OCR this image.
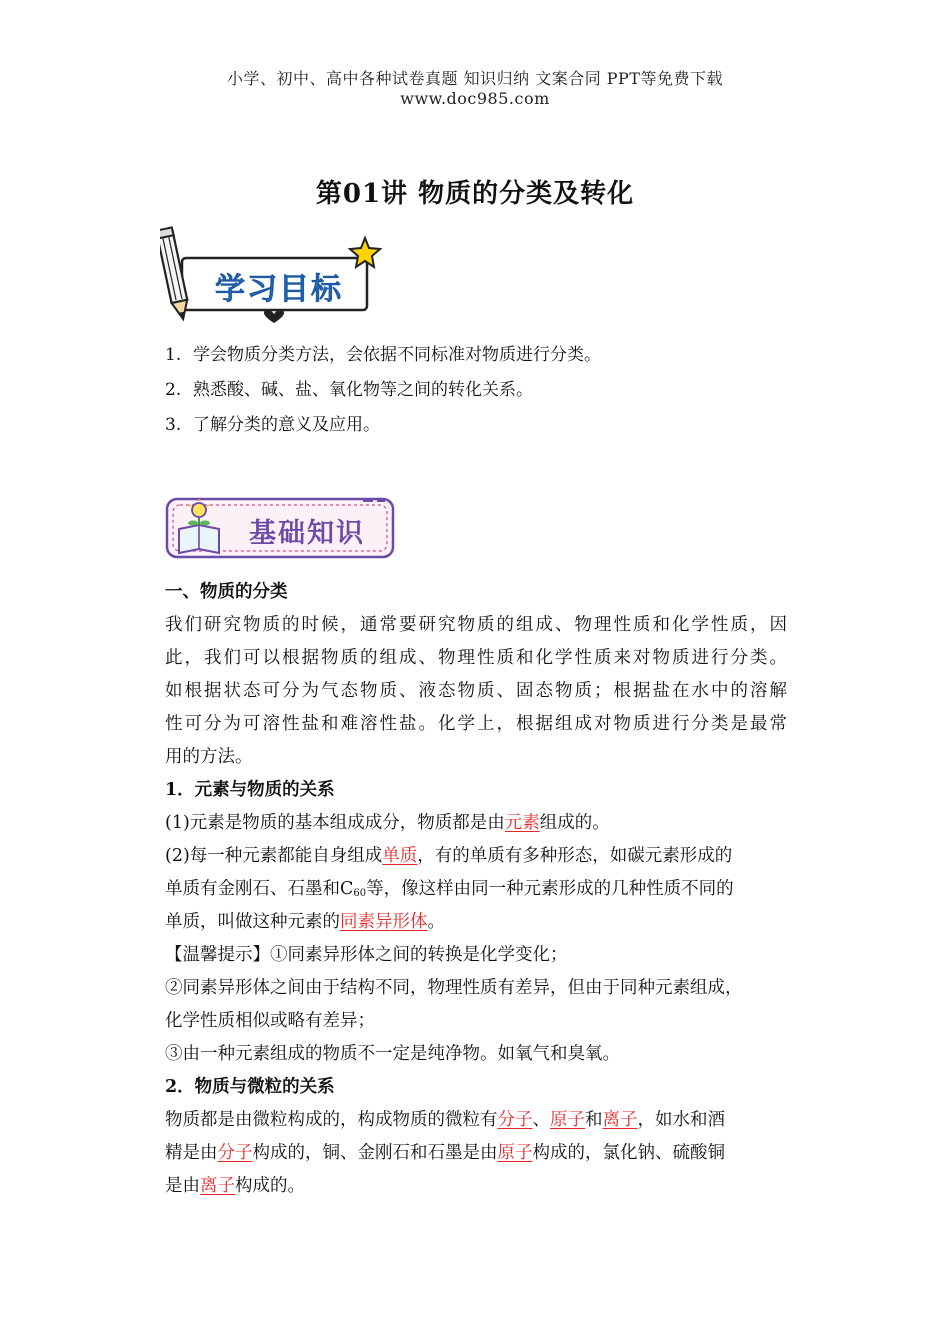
小学、初中、高中各种试卷真题 知识归纳 文案合同 PPT等免费下载
www.doc985.com
第01讲 物质的分类及转化
学习目标
1. 学会物质分类方法，会依据不同标准对物质进行分类。
2. 熟悉酸、碱、盐、氧化物等之间的转化关系。
3. 了解分类的意义及应用。
基础知识
一、物质的分类
我们研究物质的时候，通常要研究物质的组成、物理性质和化学性质，因
此，我们可以根据物质的组成、物理性质和化学性质来对物质进行分类。
如根据状态可分为气态物质、液态物质、固态物质；根据盐在水中的溶解
性可分为可溶性盐和难溶性盐。化学上，根据组成对物质进行分类是最常
用的方法。
1．元素与物质的关系
(1)元素是物质的基本组成成分，物质都是由元素组成的。
(2)每一种元素都能自身组成单质，有的单质有多种形态，如碳元素形成的
单质有金刚石、石墨和$C_{60}$等，像这样由同一种元素形成的几种性质不同的
单质，叫做这种元素的同素异形体。
【温馨提示】①同素异形体之间的转换是化学变化；
②同素异形体之间由于结构不同，物理性质有差异，但由于同种元素组成，
化学性质相似或略有差异；
③由一种元素组成的物质不一定是纯净物。如氧气和臭氧。
2．物质与微粒的关系
物质都是由微粒构成的，构成物质的微粒有分子、原子和离子，如水和酒
精是由分子构成的，铜、金刚石和石墨是由原子构成的，氯化钠、硫酸铜
是由离子构成的。
